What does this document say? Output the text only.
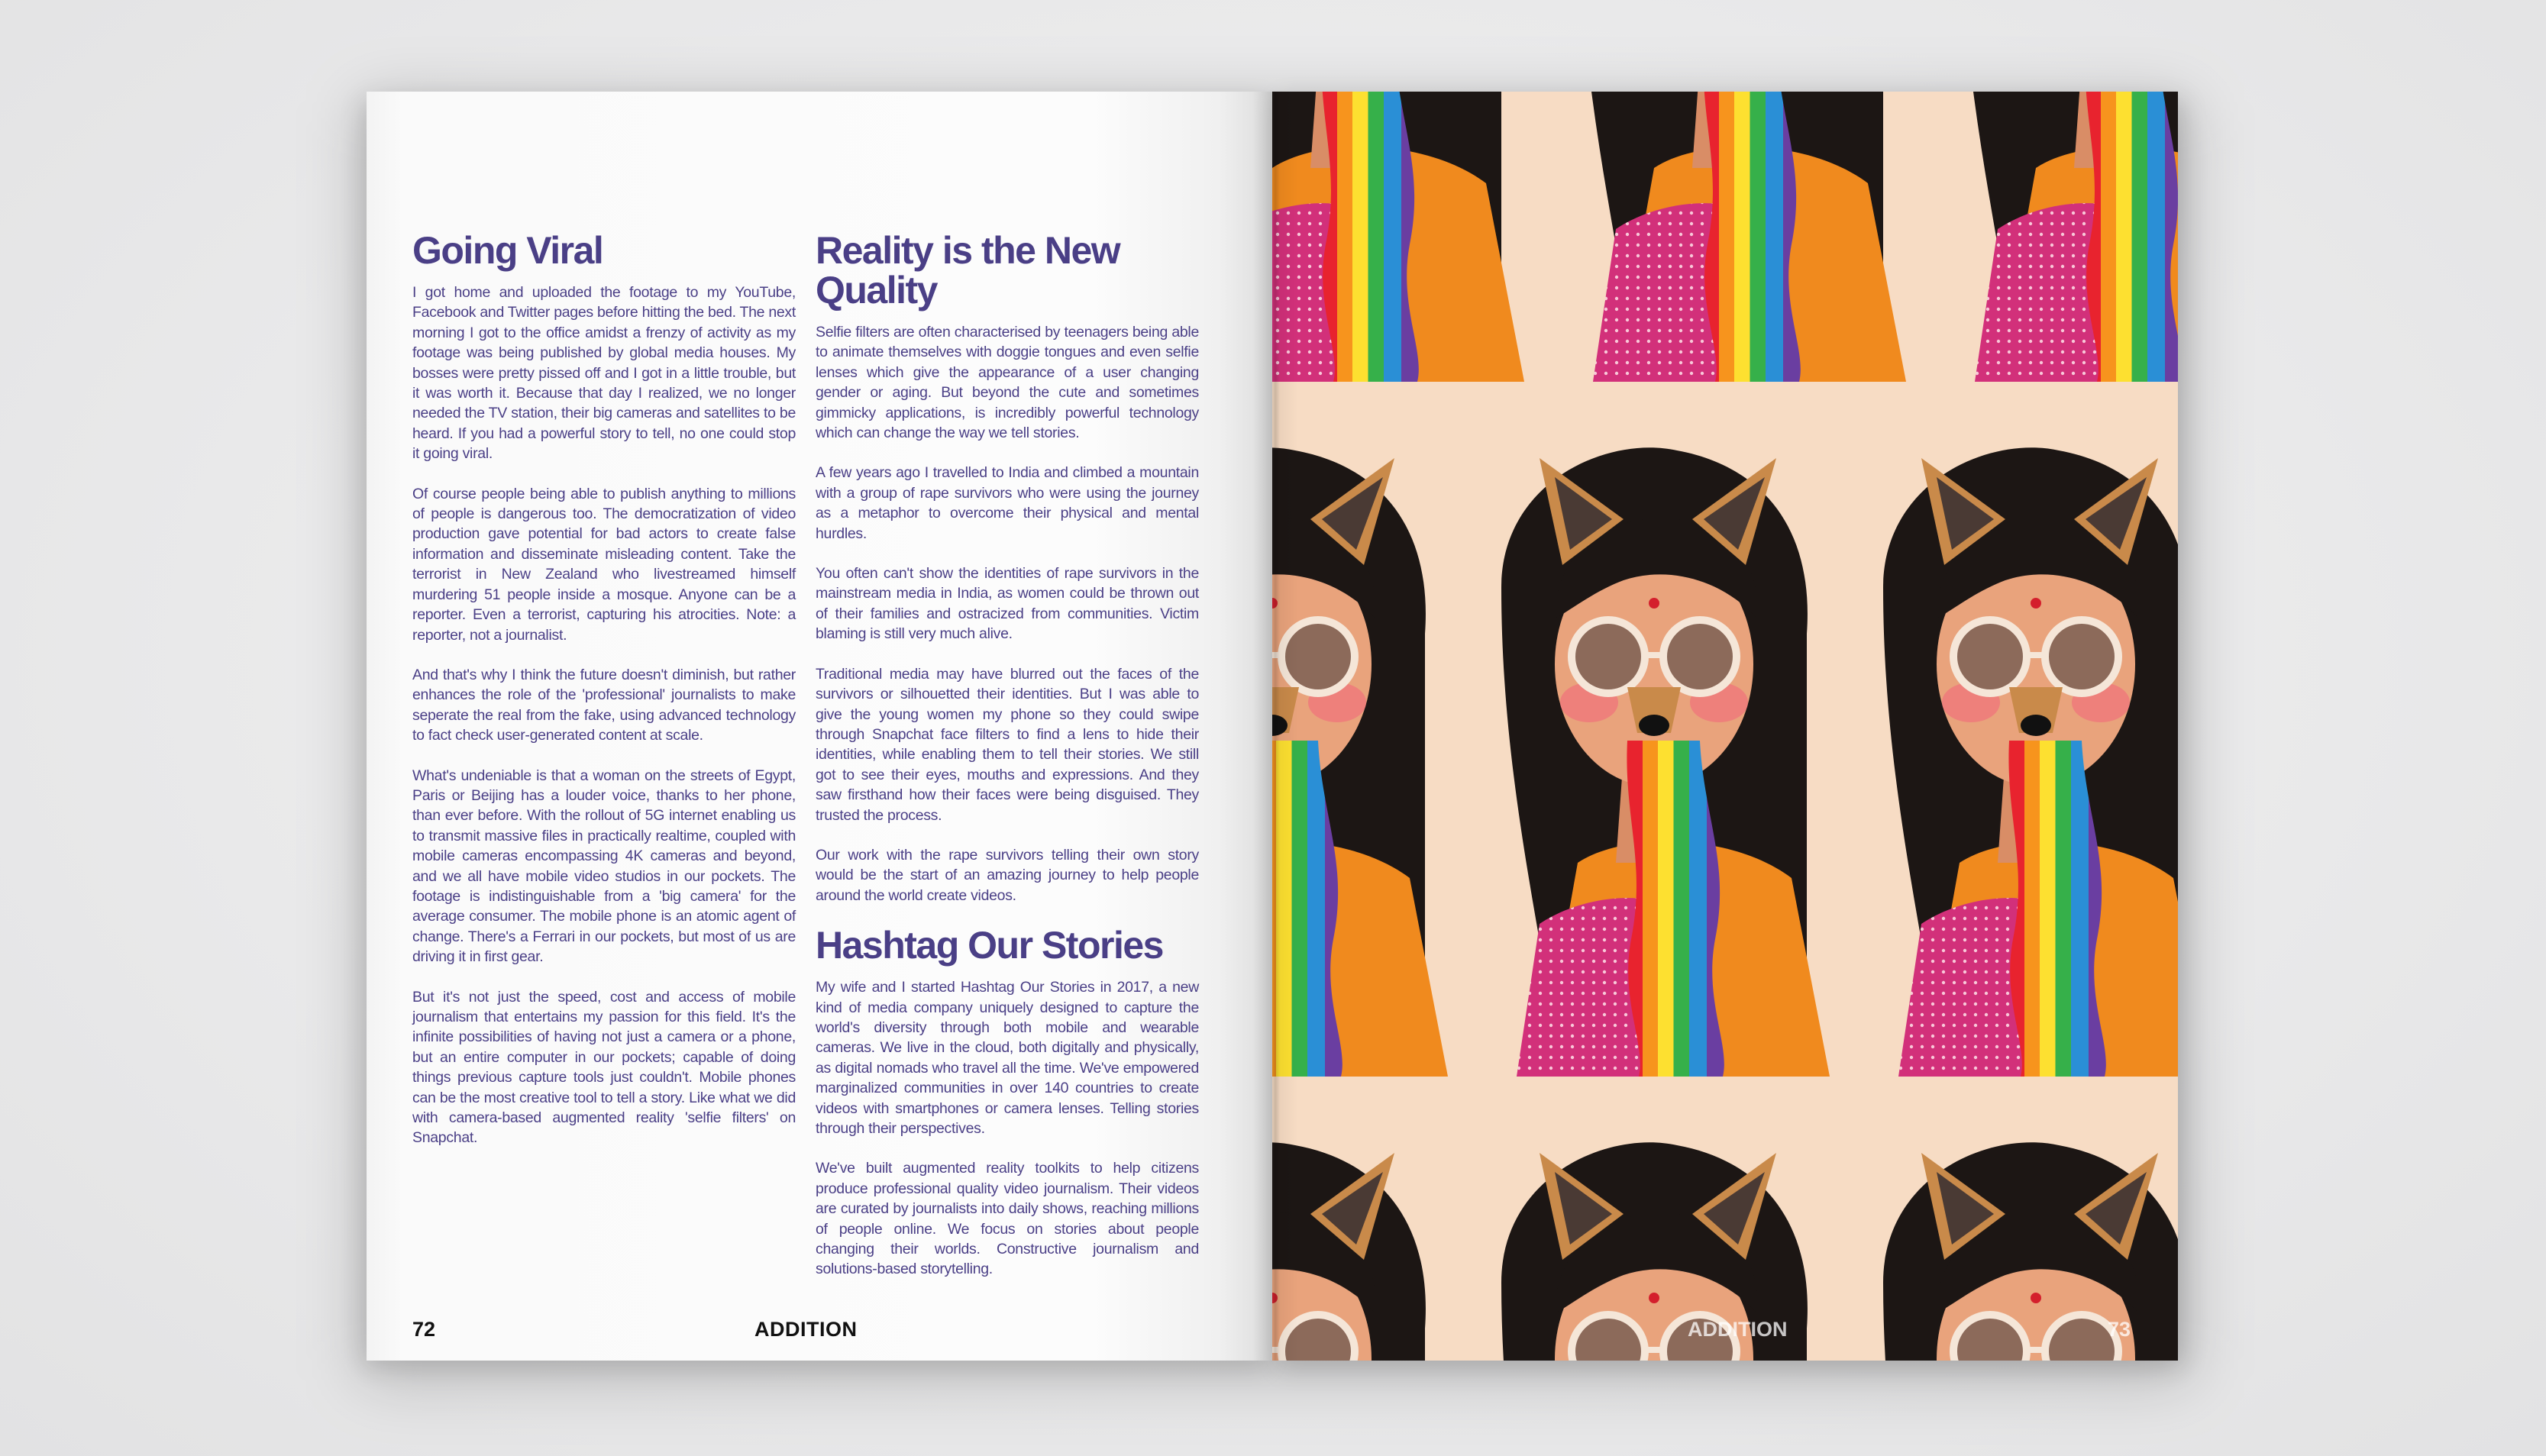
Going Viral

I got home and uploaded the footage to my YouTube, Facebook and Twitter pages before hitting the bed. The next morning I got to the office amidst a frenzy of activity as my footage was being published by global media houses. My bosses were pretty pissed off and I got in a little trouble, but it was worth it. Because that day I realized, we no longer needed the TV station, their big cameras and satellites to be heard. If you had a powerful story to tell, no one could stop it going viral.

Of course people being able to publish anything to millions of people is dangerous too. The democratization of video production gave potential for bad actors to create false information and disseminate misleading content. Take the terrorist in New Zealand who livestreamed himself murdering 51 people inside a mosque. Anyone can be a reporter. Even a terrorist, capturing his atrocities. Note: a reporter, not a journalist.

And that's why I think the future doesn't diminish, but rather enhances the role of the 'professional' journalists to make seperate the real from the fake, using advanced technology to fact check user-generated content at scale.

What's undeniable is that a woman on the streets of Egypt, Paris or Beijing has a louder voice, thanks to her phone, than ever before. With the rollout of 5G internet enabling us to transmit massive files in practically realtime, coupled with mobile cameras encompassing 4K cameras and beyond, and we all have mobile video studios in our pockets. The footage is indistinguishable from a 'big camera' for the average consumer. The mobile phone is an atomic agent of change. There's a Ferrari in our pockets, but most of us are driving it in first gear.

But it's not just the speed, cost and access of mobile journalism that entertains my passion for this field. It's the infinite possibilities of having not just a camera or a phone, but an entire computer in our pockets; capable of doing things previous capture tools just couldn't. Mobile phones can be the most creative tool to tell a story. Like what we did with camera-based augmented reality 'selfie filters' on Snapchat.

Reality is the New Quality

Selfie filters are often characterised by teenagers being able to animate themselves with doggie tongues and even selfie lenses which give the appearance of a user changing gender or aging. But beyond the cute and sometimes gimmicky applications, is incredibly powerful technology which can change the way we tell stories.

A few years ago I travelled to India and climbed a mountain with a group of rape survivors who were using the journey as a metaphor to overcome their physical and mental hurdles.

You often can't show the identities of rape survivors in the mainstream media in India, as women could be thrown out of their families and ostracized from communities. Victim blaming is still very much alive.

Traditional media may have blurred out the faces of the survivors or silhouetted their identities. But I was able to give the young women my phone so they could swipe through Snapchat face filters to find a lens to hide their identities, while enabling them to tell their stories. We still got to see their eyes, mouths and expressions. And they saw firsthand how their faces were being disguised. They trusted the process.

Our work with the rape survivors telling their own story would be the start of an amazing journey to help people around the world create videos.

Hashtag Our Stories

My wife and I started Hashtag Our Stories in 2017, a new kind of media company uniquely designed to capture the world's diversity through both mobile and wearable cameras. We live in the cloud, both digitally and physically, as digital nomads who travel all the time. We've empowered marginalized communities in over 140 countries to create videos with smartphones or camera lenses. Telling stories through their perspectives.

We've built augmented reality toolkits to help citizens produce professional quality video journalism. Their videos are curated by journalists into daily shows, reaching millions of people online. We focus on stories about people changing their worlds. Constructive journalism and solutions-based storytelling.

72	ADDITION	ADDITION	73
